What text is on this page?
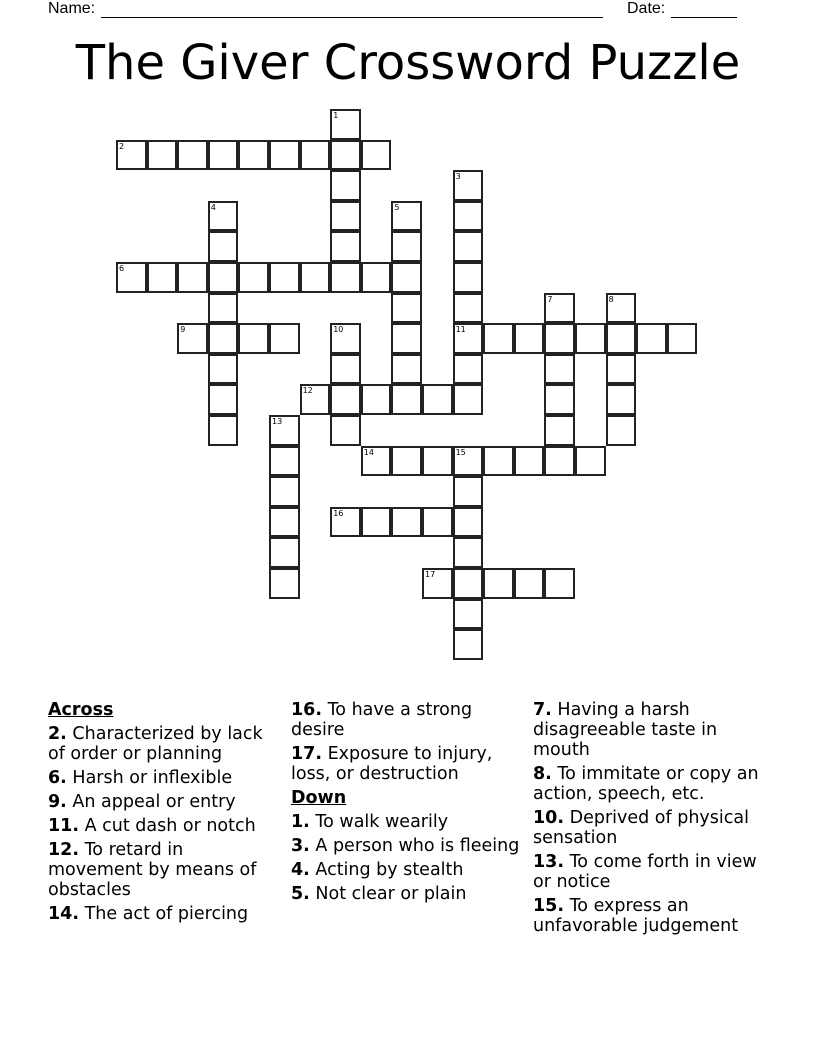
Name:	Date:
The Giver Crossword Puzzle
1
2
3
11
4	5
6
7	8
9	10
12
13
14	15
16
17
Across
2. Characterized by lack of order or planning
6. Harsh or inflexible
9. An appeal or entry
11. A cut dash or notch
12. To retard in movement by means of obstacles
14. The act of piercing
16. To have a strong desire
17. Exposure to injury, loss, or destruction
Down
1. To walk wearily
3. A person who is fleeing
4. Acting by stealth
5. Not clear or plain
7. Having a harsh disagreeable taste in mouth
8. To immitate or copy an action, speech, etc.
10. Deprived of physical sensation
13. To come forth in view or notice
15. To express an unfavorable judgement
